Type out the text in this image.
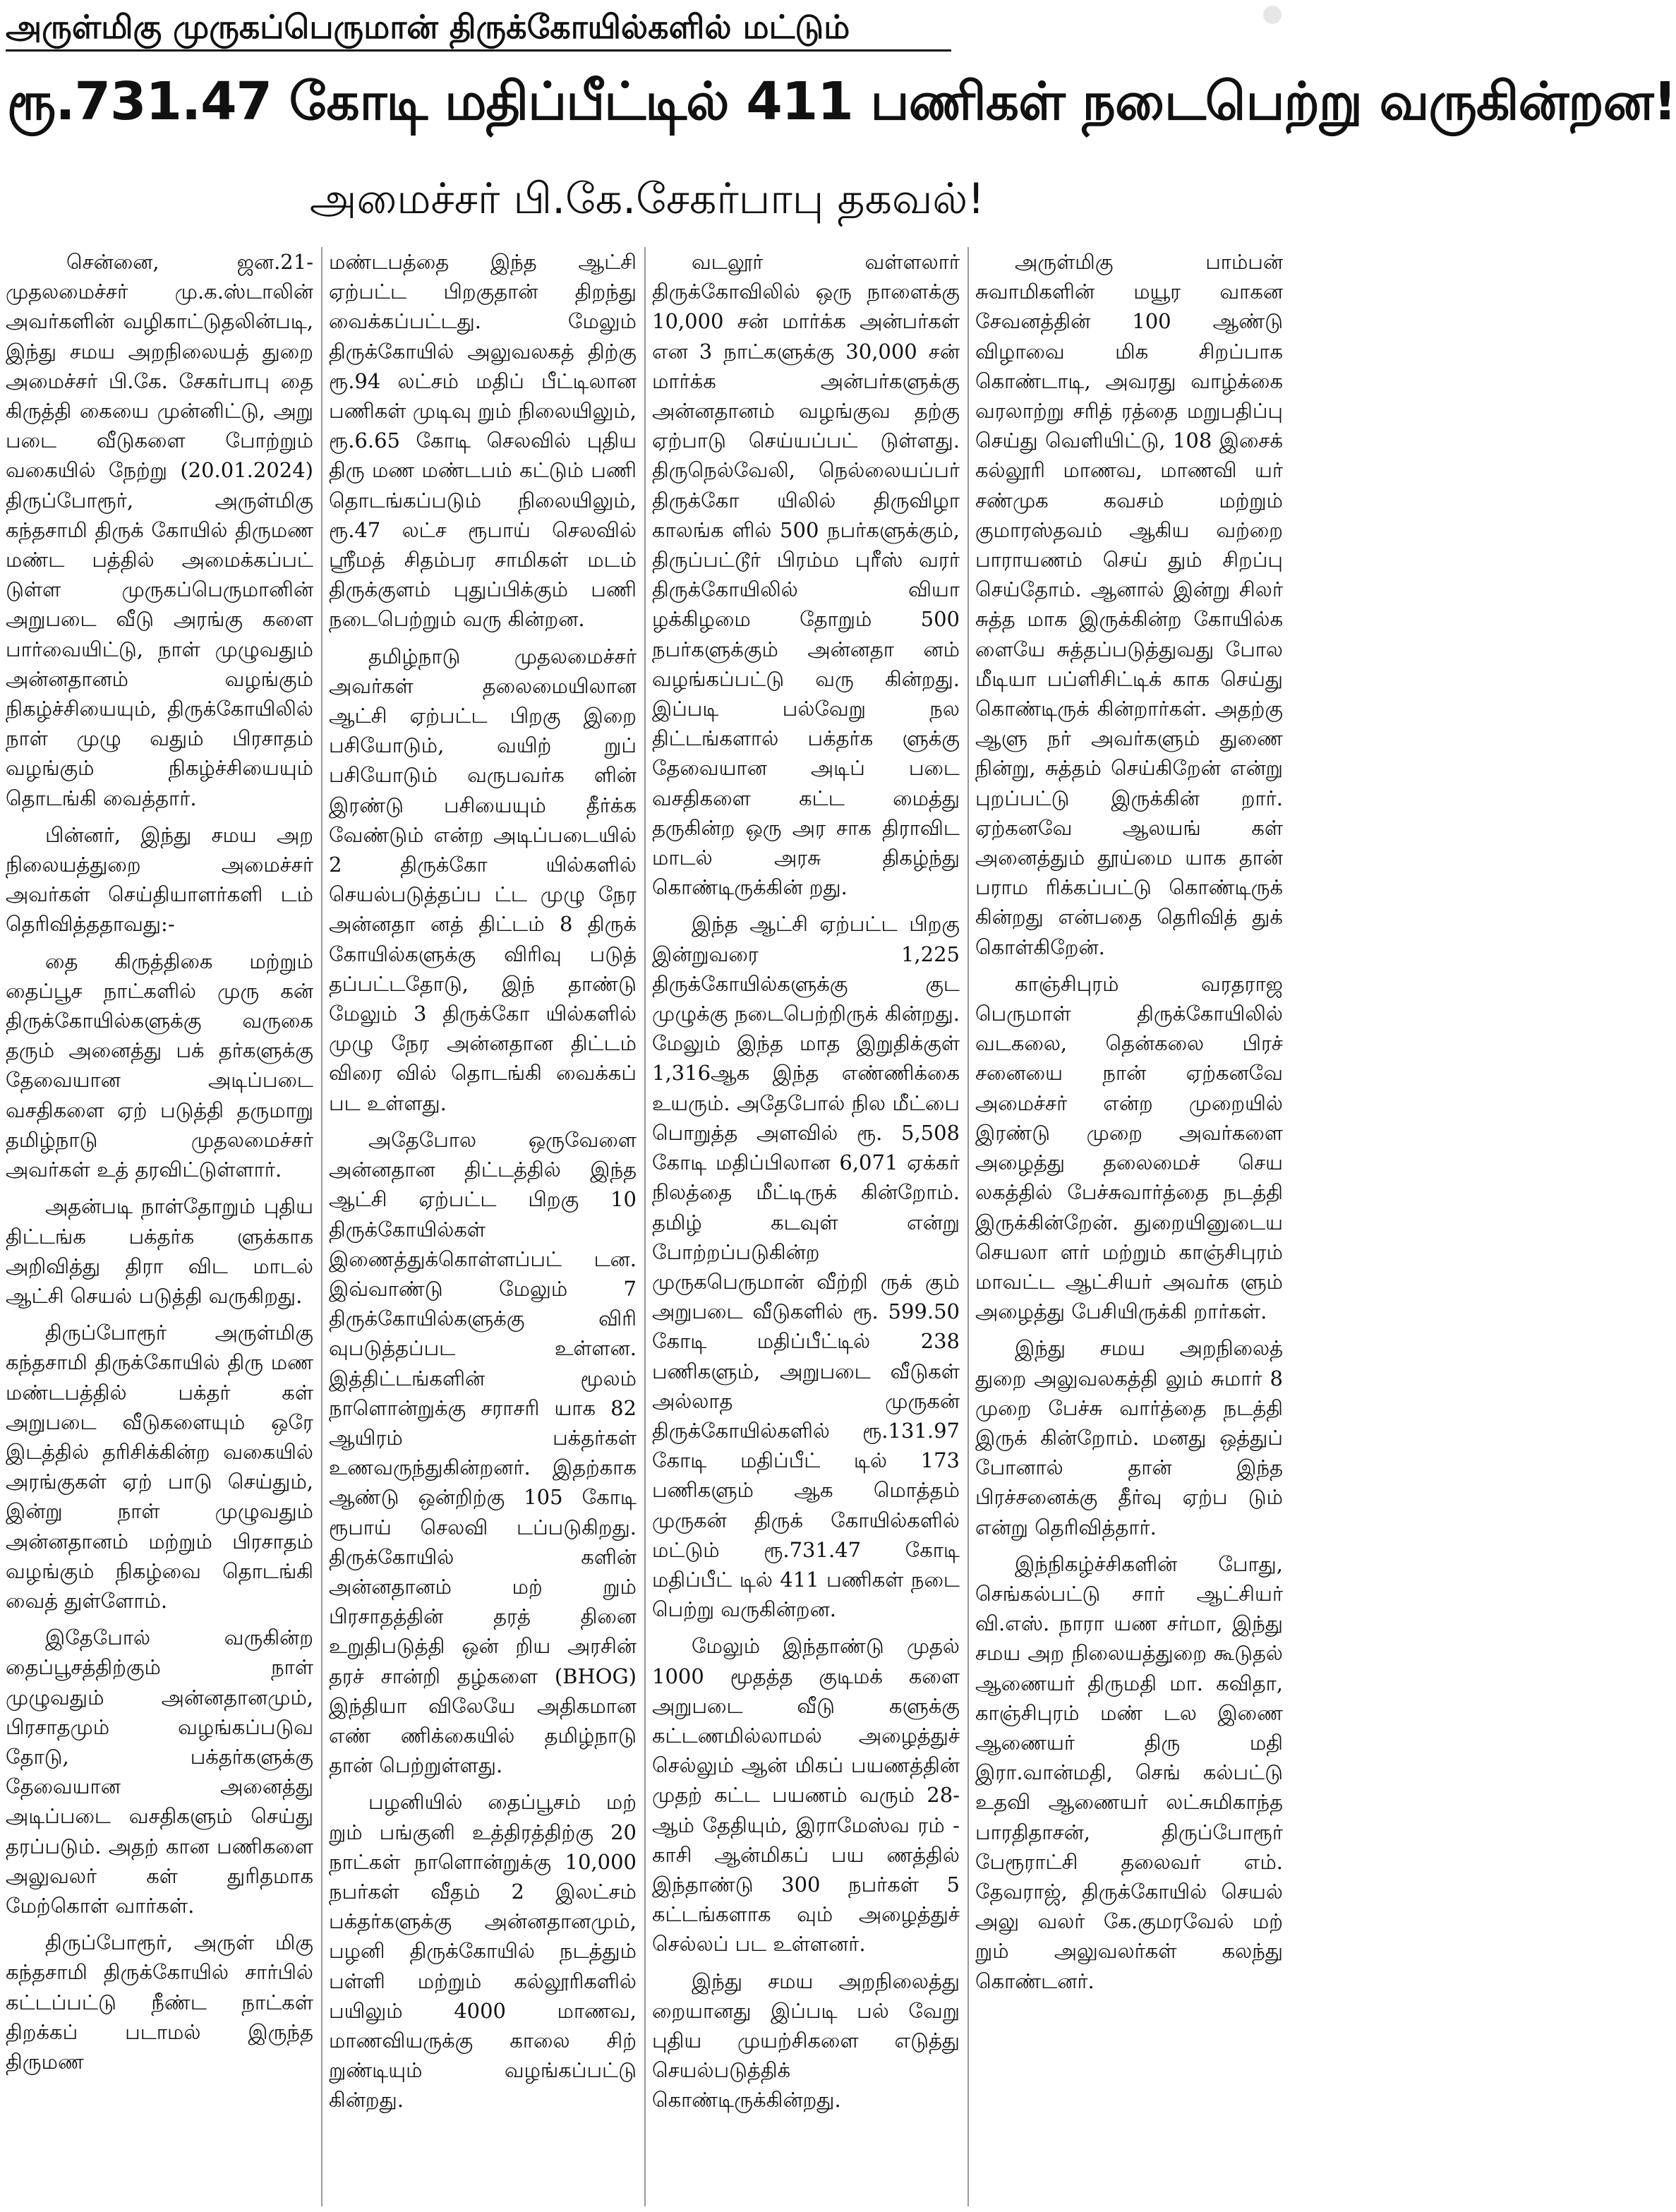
அருள்மிகு முருகப்பெருமான் திருக்கோயில்களில் மட்டும்
ரூ.731.47 கோடி மதிப்பீட்டில் 411 பணிகள் நடைபெற்று வருகின்றன!
அமைச்சர் பி.கே.சேகர்பாபு தகவல்!

சென்னை, ஜன.21- முதலமைச்சர் மு.க.ஸ்டாலின் அவர்களின் வழிகாட்டுதலின்படி, இந்து சமய அறநிலையத் துறை அமைச்சர் பி.கே. சேகர்பாபு தை கிருத்தி கையை முன்னிட்டு, அறு படை வீடுகளை போற்றும் வகையில் நேற்று (20.01.2024) திருப்போரூர், அருள்மிகு கந்தசாமி திருக் கோயில் திருமண மண்ட பத்தில் அமைக்கப்பட் டுள்ள முருகப்பெருமானின் அறுபடை வீடு அரங்கு களை பார்வையிட்டு, நாள் முழுவதும் அன்னதானம் வழங்கும் நிகழ்ச்சியையும், திருக்கோயிலில் நாள் முழு வதும் பிரசாதம் வழங்கும் நிகழ்ச்சியையும் தொடங்கி வைத்தார்.

பின்னர், இந்து சமய அற நிலையத்துறை அமைச்சர் அவர்கள் செய்தியாளர்களி டம் தெரிவித்ததாவது:-

தை கிருத்திகை மற்றும் தைப்பூச நாட்களில் முரு கன் திருக்கோயில்களுக்கு வருகை தரும் அனைத்து பக் தர்களுக்கு தேவையான அடிப்படை வசதிகளை ஏற் படுத்தி தருமாறு தமிழ்நாடு முதலமைச்சர் அவர்கள் உத் தரவிட்டுள்ளார்.

அதன்படி நாள்தோறும் புதிய திட்டங்க பக்தர்க ளுக்காக அறிவித்து திரா விட மாடல் ஆட்சி செயல் படுத்தி வருகிறது.

திருப்போரூர் அருள்மிகு கந்தசாமி திருக்கோயில் திரு மண மண்டபத்தில் பக்தர் கள் அறுபடை வீடுகளையும் ஒரே இடத்தில் தரிசிக்கின்ற வகையில் அரங்குகள் ஏற் பாடு செய்தும், இன்று நாள் முழுவதும் அன்னதானம் மற்றும் பிரசாதம் வழங்கும் நிகழ்வை தொடங்கி வைத் துள்ளோம்.

இதேபோல் வருகின்ற தைப்பூசத்திற்கும் நாள் முழுவதும் அன்னதானமும், பிரசாதமும் வழங்கப்படுவ தோடு, பக்தர்களுக்கு தேவையான அனைத்து அடிப்படை வசதிகளும் செய்து தரப்படும். அதற் கான பணிகளை அலுவலர் கள் துரிதமாக மேற்கொள் வார்கள்.

திருப்போரூர், அருள் மிகு கந்தசாமி திருக்கோயில் சார்பில் கட்டப்பட்டு நீண்ட நாட்கள் திறக்கப் படாமல் இருந்த திருமண

மண்டபத்தை இந்த ஆட்சி ஏற்பட்ட பிறகுதான் திறந்து வைக்கப்பட்டது. மேலும் திருக்கோயில் அலுவலகத் திற்கு ரூ.94 லட்சம் மதிப் பீட்டிலான பணிகள் முடிவு றும் நிலையிலும், ரூ.6.65 கோடி செலவில் புதிய திரு மண மண்டபம் கட்டும் பணி தொடங்கப்படும் நிலையிலும், ரூ.47 லட்ச ரூபாய் செலவில் ஸ்ரீமத் சிதம்பர சாமிகள் மடம் திருக்குளம் புதுப்பிக்கும் பணி நடைபெற்றும் வரு கின்றன.

தமிழ்நாடு முதலமைச்சர் அவர்கள் தலைமையிலான ஆட்சி ஏற்பட்ட பிறகு இறை பசியோடும், வயிற் றுப் பசியோடும் வருபவர்க ளின் இரண்டு பசியையும் தீர்க்க வேண்டும் என்ற அடிப்படையில் 2 திருக்கோ யில்களில் செயல்படுத்தப்ப ட்ட முழு நேர அன்னதா னத் திட்டம் 8 திருக் கோயில்களுக்கு விரிவு படுத் தப்பட்டதோடு, இந் தாண்டு மேலும் 3 திருக்கோ யில்களில் முழு நேர அன்னதான திட்டம் விரை வில் தொடங்கி வைக்கப் பட உள்ளது.

அதேபோல ஒருவேளை அன்னதான திட்டத்தில் இந்த ஆட்சி ஏற்பட்ட பிறகு 10 திருக்கோயில்கள் இணைத்துக்கொள்ளப்பட் டன. இவ்வாண்டு மேலும் 7 திருக்கோயில்களுக்கு விரி வுபடுத்தப்பட உள்ளன. இத்திட்டங்களின் மூலம் நாளொன்றுக்கு சராசரி யாக 82 ஆயிரம் பக்தர்கள் உணவருந்துகின்றனர். இதற்காக ஆண்டு ஒன்றிற்கு 105 கோடி ரூபாய் செலவி டப்படுகிறது. திருக்கோயில் களின் அன்னதானம் மற் றும் பிரசாதத்தின் தரத் தினை உறுதிபடுத்தி ஒன் றிய அரசின் தரச் சான்றி தழ்களை (BHOG) இந்தியா விலேயே அதிகமான எண் ணிக்கையில் தமிழ்நாடு தான் பெற்றுள்ளது.

பழனியில் தைப்பூசம் மற் றும் பங்குனி உத்திரத்திற்கு 20 நாட்கள் நாளொன்றுக்கு 10,000 நபர்கள் வீதம் 2 இலட்சம் பக்தர்களுக்கு அன்னதானமும், பழனி திருக்கோயில் நடத்தும் பள்ளி மற்றும் கல்லூரிகளில் பயிலும் 4000 மாணவ, மாணவியருக்கு காலை சிற் றுண்டியும் வழங்கப்பட்டு கின்றது.

வடலூர் வள்ளலார் திருக்கோவிலில் ஒரு நாளைக்கு 10,000 சன் மார்க்க அன்பர்கள் என 3 நாட்களுக்கு 30,000 சன் மார்க்க அன்பர்களுக்கு அன்னதானம் வழங்குவ தற்கு ஏற்பாடு செய்யப்பட் டுள்ளது. திருநெல்வேலி, நெல்லையப்பர் திருக்கோ யிலில் திருவிழா காலங்க ளில் 500 நபர்களுக்கும், திருப்பட்டூர் பிரம்ம புரீஸ் வரர் திருக்கோயிலில் வியா ழக்கிழமை தோறும் 500 நபர்களுக்கும் அன்னதா னம் வழங்கப்பட்டு வரு கின்றது. இப்படி பல்வேறு நல திட்டங்களால் பக்தர்க ளுக்கு தேவையான அடிப் படை வசதிகளை கட்ட மைத்து தருகின்ற ஒரு அர சாக திராவிட மாடல் அரசு திகழ்ந்து கொண்டிருக்கின் றது.

இந்த ஆட்சி ஏற்பட்ட பிறகு இன்றுவரை 1,225 திருக்கோயில்களுக்கு குட முழுக்கு நடைபெற்றிருக் கின்றது. மேலும் இந்த மாத இறுதிக்குள் 1,316ஆக இந்த எண்ணிக்கை உயரும். அதேபோல் நில மீட்பை பொறுத்த அளவில் ரூ. 5,508 கோடி மதிப்பிலான 6,071 ஏக்கர் நிலத்தை மீட்டிருக் கின்றோம். தமிழ் கடவுள் என்று போற்றப்படுகின்ற முருகபெருமான் வீற்றி ருக் கும் அறுபடை வீடுகளில் ரூ. 599.50 கோடி மதிப்பீட்டில் 238 பணிகளும், அறுபடை வீடுகள் அல்லாத முருகன் திருக்கோயில்களில் ரூ.131.97 கோடி மதிப்பீட் டில் 173 பணிகளும் ஆக மொத்தம் முருகன் திருக் கோயில்களில் மட்டும் ரூ.731.47 கோடி மதிப்பீட் டில் 411 பணிகள் நடை பெற்று வருகின்றன.

மேலும் இந்தாண்டு முதல் 1000 மூதத்த குடிமக் களை அறுபடை வீடு களுக்கு கட்டணமில்லாமல் அழைத்துச் செல்லும் ஆன் மிகப் பயணத்தின் முதற் கட்ட பயணம் வரும் 28- ஆம் தேதியும், இராமேஸ்வ ரம் - காசி ஆன்மிகப் பய ணத்தில் இந்தாண்டு 300 நபர்கள் 5 கட்டங்களாக வும் அழைத்துச் செல்லப் பட உள்ளனர்.

இந்து சமய அறநிலைத்து றையானது இப்படி பல் வேறு புதிய முயற்சிகளை எடுத்து செயல்படுத்திக் கொண்டிருக்கின்றது.

அருள்மிகு பாம்பன் சுவாமிகளின் மயூர வாகன சேவனத்தின் 100 ஆண்டு விழாவை மிக சிறப்பாக கொண்டாடி, அவரது வாழ்க்கை வரலாற்று சரித் ரத்தை மறுபதிப்பு செய்து வெளியிட்டு, 108 இசைக் கல்லூரி மாணவ, மாணவி யர் சண்முக கவசம் மற்றும் குமாரஸ்தவம் ஆகிய வற்றை பாராயணம் செய் தும் சிறப்பு செய்தோம். ஆனால் இன்று சிலர் சுத்த மாக இருக்கின்ற கோயில்க ளையே சுத்தப்படுத்துவது போல மீடியா பப்ளிசிட்டிக் காக செய்து கொண்டிருக் கின்றார்கள். அதற்கு ஆளு நர் அவர்களும் துணை நின்று, சுத்தம் செய்கிறேன் என்று புறப்பட்டு இருக்கின் றார். ஏற்கனவே ஆலயங் கள் அனைத்தும் தூய்மை யாக தான் பராம ரிக்கப்பட்டு கொண்டிருக் கின்றது என்பதை தெரிவித் துக் கொள்கிறேன்.

காஞ்சிபுரம் வரதராஜ பெருமாள் திருக்கோயிலில் வடகலை, தென்கலை பிரச் சனையை நான் ஏற்கனவே அமைச்சர் என்ற முறையில் இரண்டு முறை அவர்களை அழைத்து தலைமைச் செய லகத்தில் பேச்சுவார்த்தை நடத்தி இருக்கின்றேன். துறையினுடைய செயலா ளர் மற்றும் காஞ்சிபுரம் மாவட்ட ஆட்சியர் அவர்க ளும் அழைத்து பேசியிருக்கி றார்கள்.

இந்து சமய அறநிலைத் துறை அலுவலகத்தி லும் சுமார் 8 முறை பேச்சு வார்த்தை நடத்தி இருக் கின்றோம். மனது ஒத்துப் போனால் தான் இந்த பிரச்சனைக்கு தீர்வு ஏற்ப டும் என்று தெரிவித்தார்.

இந்நிகழ்ச்சிகளின் போது, செங்கல்பட்டு சார் ஆட்சியர் வி.எஸ். நாரா யண சர்மா, இந்து சமய அற நிலையத்துறை கூடுதல் ஆணையர் திருமதி மா. கவிதா, காஞ்சிபுரம் மண் டல இணை ஆணையர் திரு மதி இரா.வான்மதி, செங் கல்பட்டு உதவி ஆணையர் லட்சுமிகாந்த பாரதிதாசன், திருப்போரூர் பேரூராட்சி தலைவர் எம். தேவராஜ், திருக்கோயில் செயல் அலு வலர் கே.குமரவேல் மற் றும் அலுவலர்கள் கலந்து கொண்டனர்.
